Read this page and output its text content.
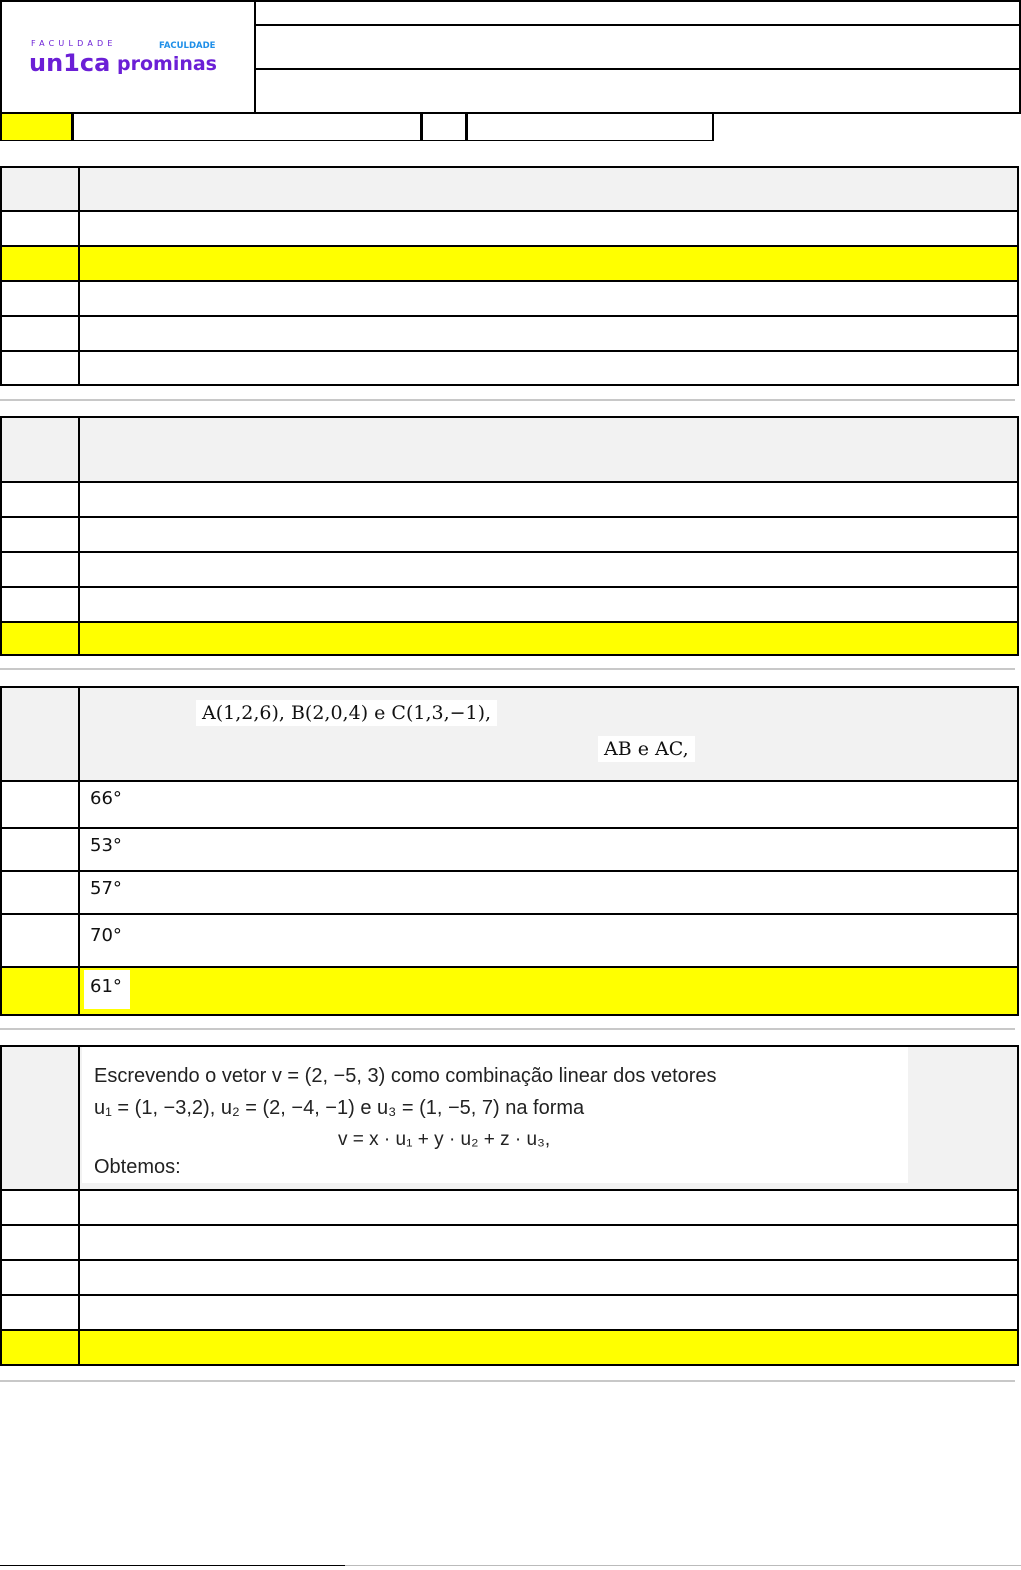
FACULDADE
un1ca
FACULDADE
prominas
A(1,2,6), B(2,0,4) e C(1,3,−1),
AB e AC,
66°
53°
57°
70°
61°
Escrevendo o vetor v = (2, −5, 3) como combinação linear dos vetores
u₁ = (1, −3,2), u₂ = (2, −4, −1) e u₃ = (1, −5, 7) na forma
v = x · u₁ + y · u₂ + z · u₃,
Obtemos:
